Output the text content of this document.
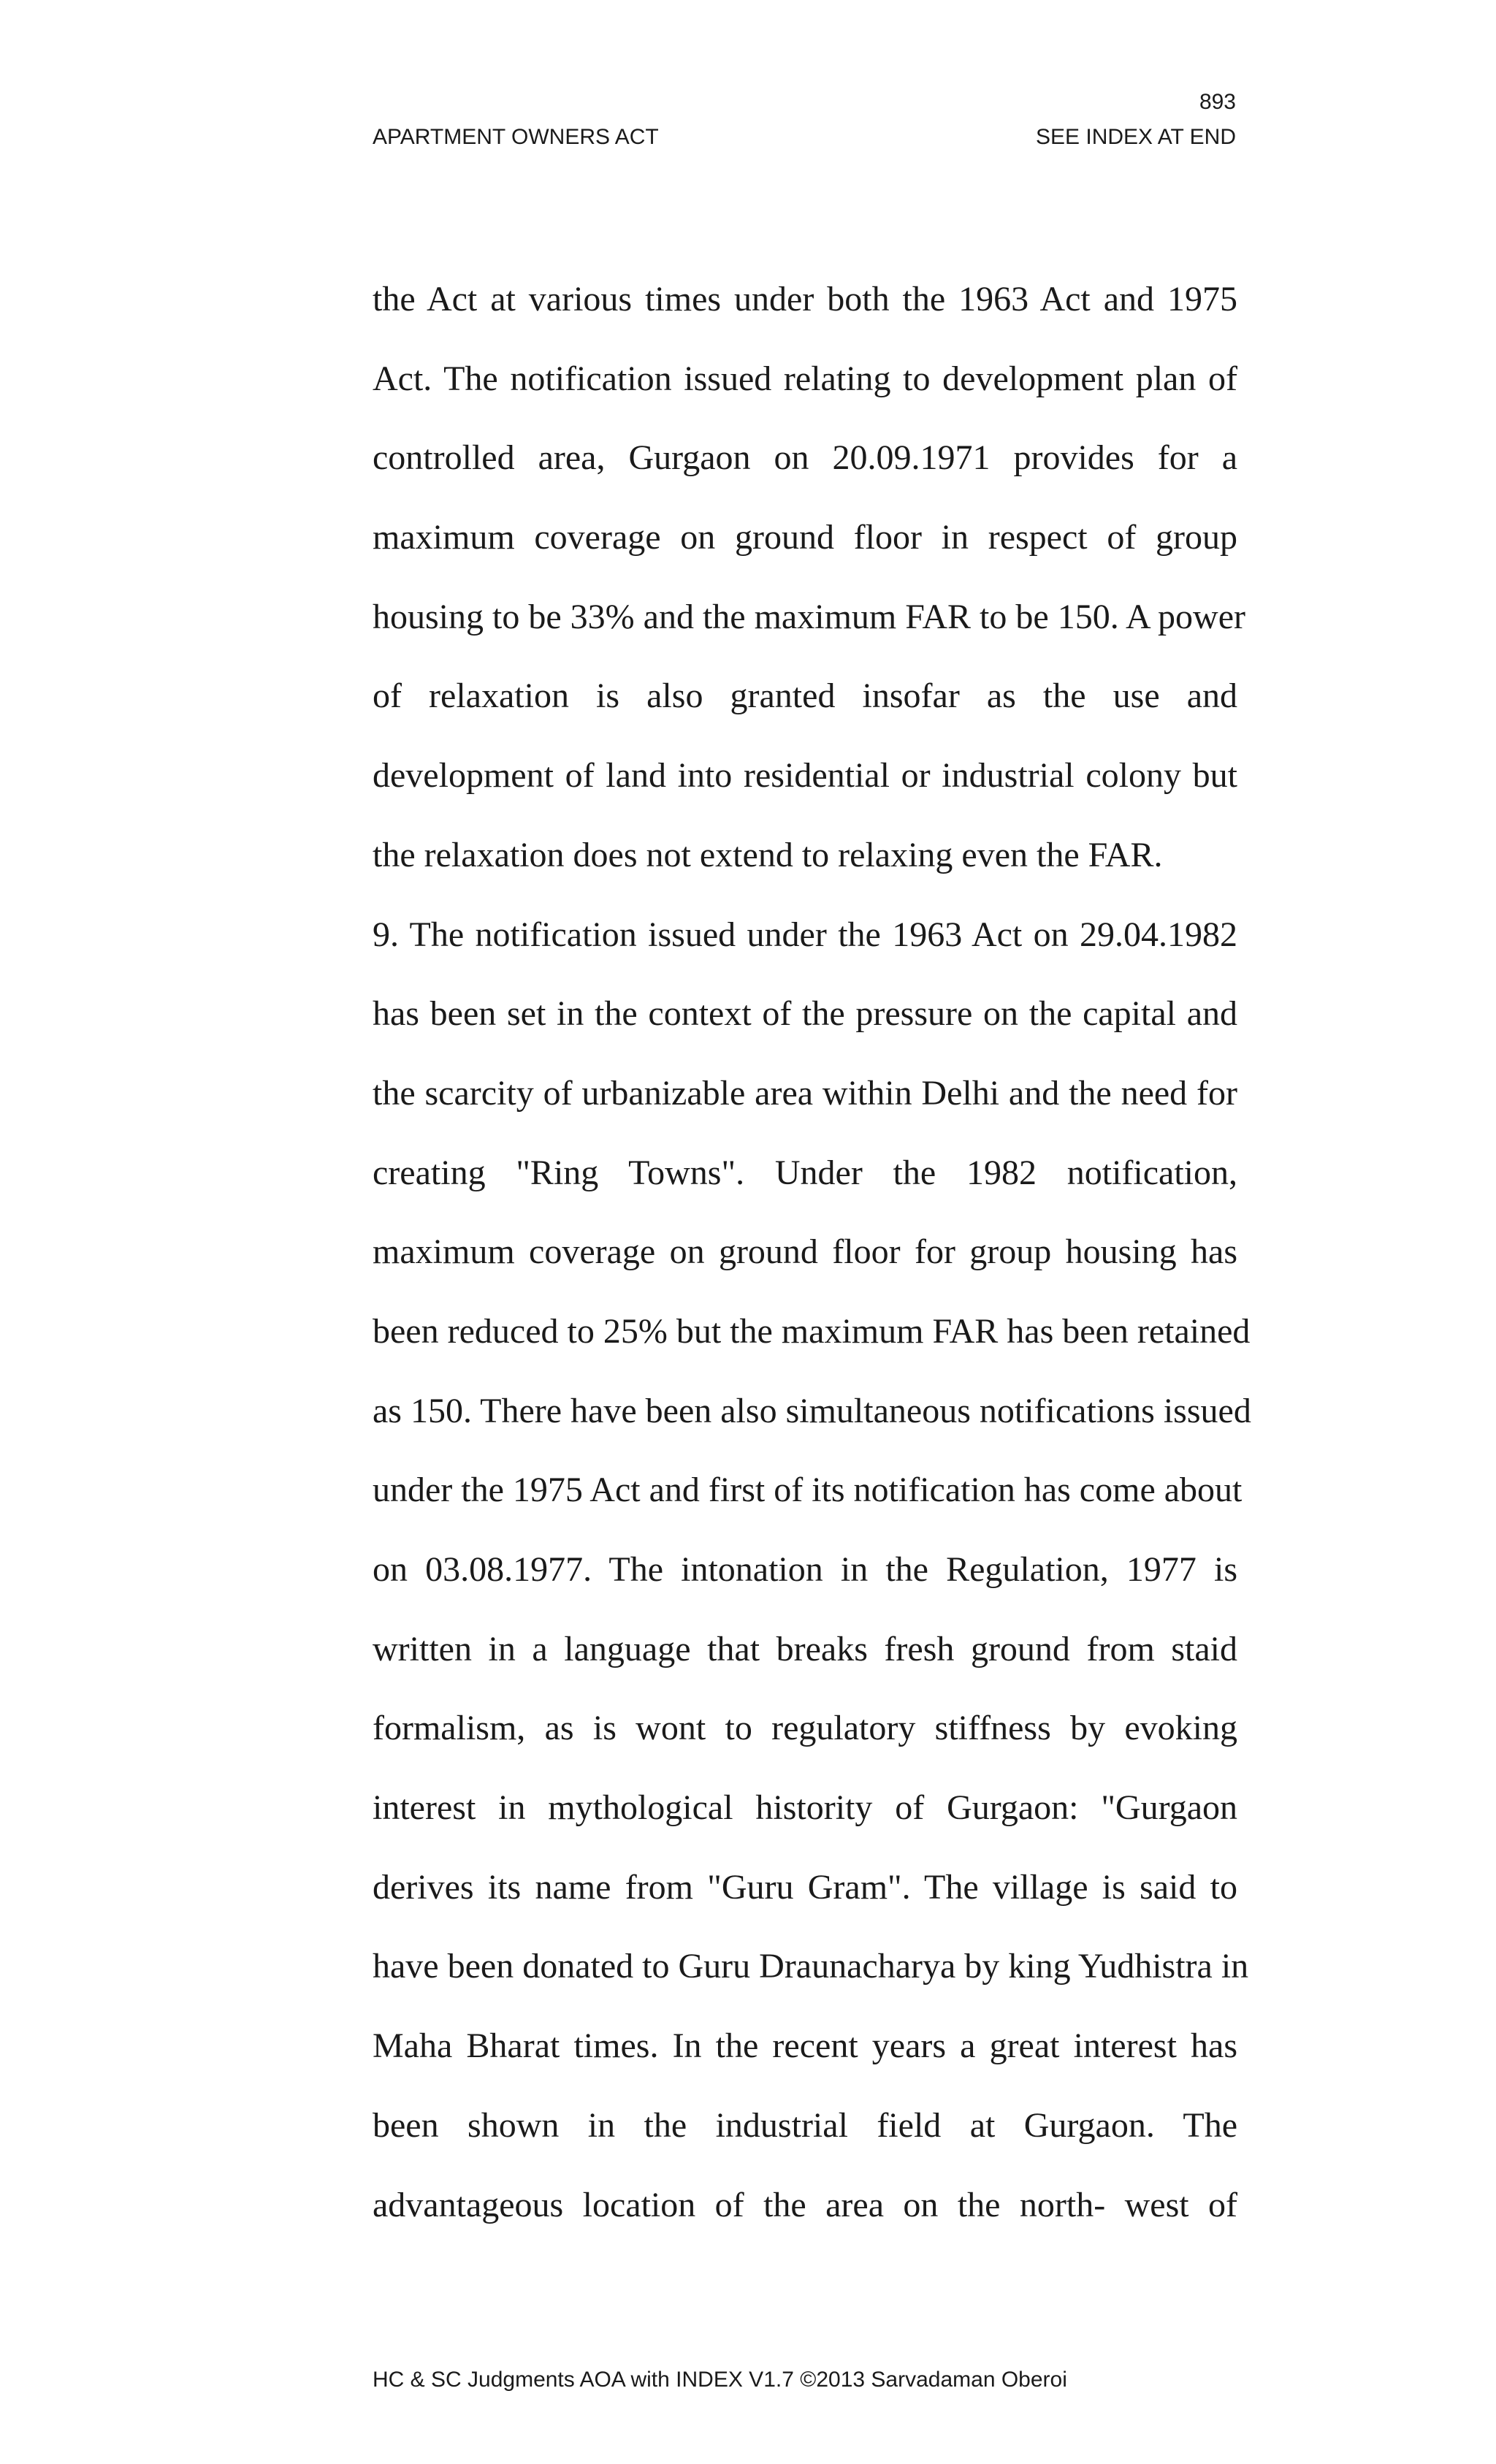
893
APARTMENT OWNERS ACT	SEE INDEX AT END
the Act at various times under both the 1963 Act and 1975
Act. The notification issued relating to development plan of
controlled area, Gurgaon on 20.09.1971 provides for a
maximum coverage on ground floor in respect of group
housing to be 33% and the maximum FAR to be 150. A power
of relaxation is also granted insofar as the use and
development of land into residential or industrial colony but
the relaxation does not extend to relaxing even the FAR.
9. The notification issued under the 1963 Act on 29.04.1982
has been set in the context of the pressure on the capital and
the scarcity of urbanizable area within Delhi and the need for
creating "Ring Towns". Under the 1982 notification,
maximum coverage on ground floor for group housing has
been reduced to 25% but the maximum FAR has been retained
as 150. There have been also simultaneous notifications issued
under the 1975 Act and first of its notification has come about
on 03.08.1977. The intonation in the Regulation, 1977 is
written in a language that breaks fresh ground from staid
formalism, as is wont to regulatory stiffness by evoking
interest in mythological histority of Gurgaon: "Gurgaon
derives its name from "Guru Gram". The village is said to
have been donated to Guru Draunacharya by king Yudhistra in
Maha Bharat times. In the recent years a great interest has
been shown in the industrial field at Gurgaon. The
advantageous location of the area on the north- west of
HC & SC Judgments AOA with INDEX V1.7 ©2013 Sarvadaman Oberoi
